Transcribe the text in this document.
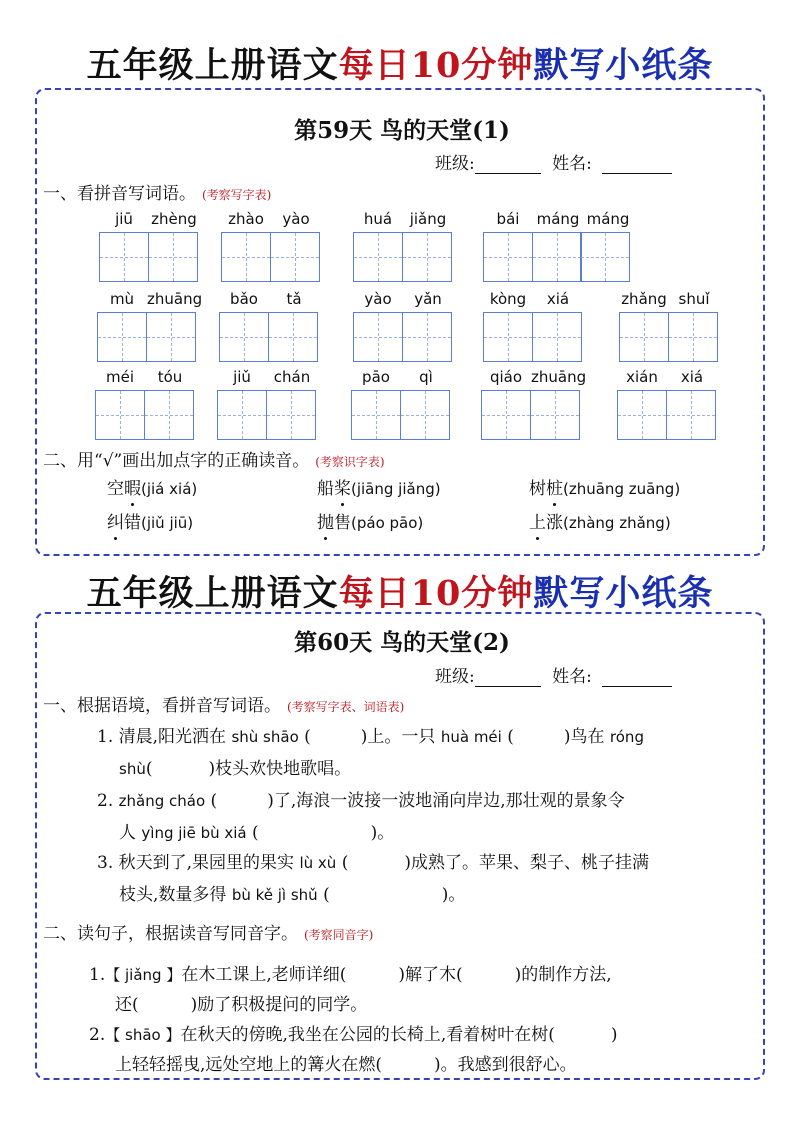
五年级上册语文每日10分钟默写小纸条
第59天 鸟的天堂(1)
班级:	姓名:
一、看拼音写词语。 (考察写字表)
jiū	zhèng	zhào	yào	huá	jiǎng	bái	máng máng
mù zhuāng	bǎo	tǎ	yào	yǎn	kòng	xiá	zhǎng shuǐ
méi	tóu	jiǔ	chán	pāo	qì	qiáo zhuāng	xián	xiá
二、用“√”画出加点字的正确读音。 (考察识字表)
空暇(jiá xiá)	船桨(jiāng jiǎng)	树桩(zhuāng zuāng)
纠错(jiǔ jiū)	抛售(páo pāo)	上涨(zhàng zhǎng)
五年级上册语文每日10分钟默写小纸条
第60天 鸟的天堂(2)
班级:	姓名:
一、根据语境，看拼音写词语。 (考察写字表、词语表)
1. 清晨,阳光洒在 shù shāo (	)上。一只 huà méi (	)鸟在 róng
shù(	)枝头欢快地歌唱。
2. zhǎng cháo (	)了,海浪一波接一波地涌向岸边,那壮观的景象令
人 yìng jiē bù xiá (	)。
3. 秋天到了,果园里的果实 lù xù (	)成熟了。苹果、梨子、桃子挂满
枝头,数量多得 bù kě jì shǔ (	)。
二、读句子，根据读音写同音字。 (考察同音字)
1.【 jiǎng 】在木工课上,老师详细(	)解了木(	)的制作方法,
还(	)励了积极提问的同学。
2.【 shāo 】在秋天的傍晚,我坐在公园的长椅上,看着树叶在树(	)
上轻轻摇曳,远处空地上的篝火在燃(	)。我感到很舒心。
